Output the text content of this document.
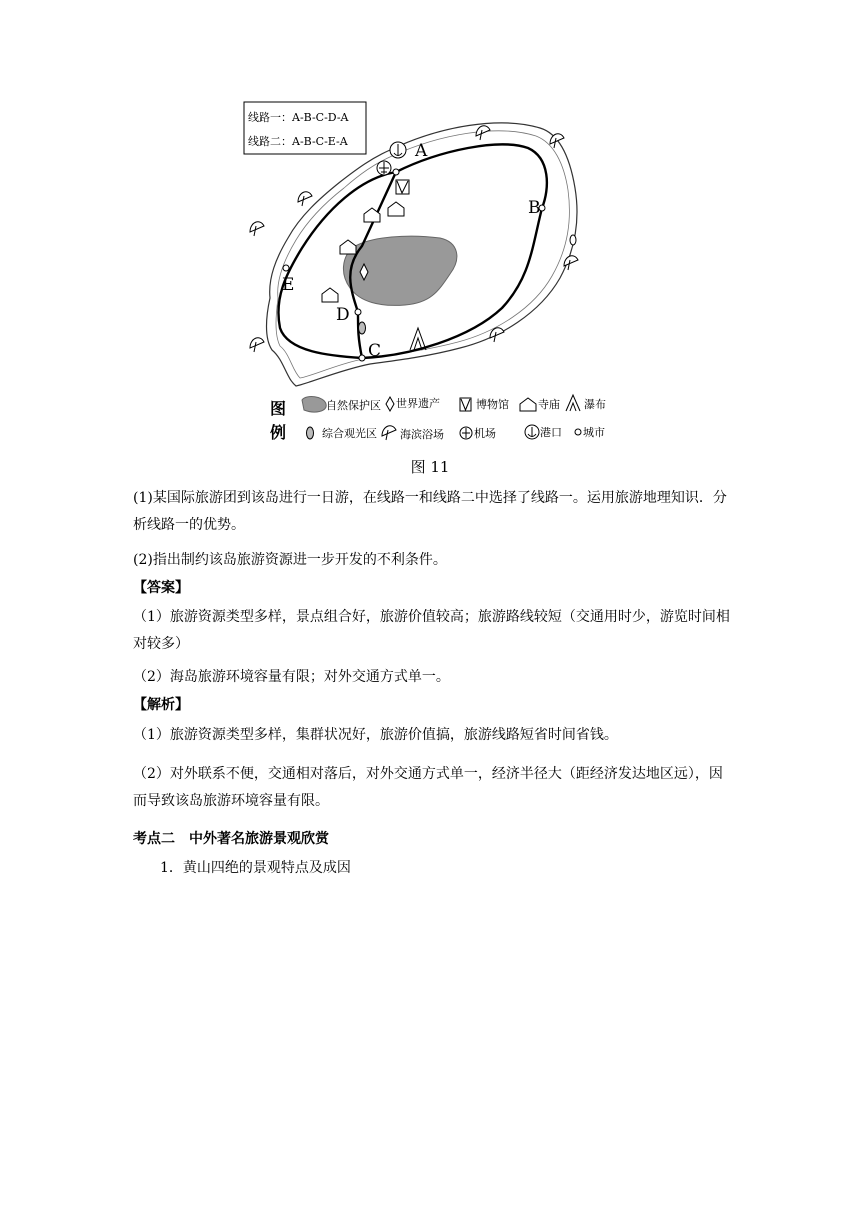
线路一：A-B-C-D-A
线路二：A-B-C-E-A	A
B
C
D
E
图
例
自然保护区 世界遗产	博物馆	寺庙 瀑布
综合观光区 海滨浴场	机场	港口 城市
图 11
(1)某国际旅游团到该岛进行一日游，在线路一和线路二中选择了线路一。运用旅游地理知识．分析线路一的优势。
(2)指出制约该岛旅游资源进一步开发的不利条件。
【答案】
（1）旅游资源类型多样，景点组合好，旅游价值较高；旅游路线较短（交通用时少，游览时间相对较多）
（2）海岛旅游环境容量有限；对外交通方式单一。
【解析】
（1）旅游资源类型多样，集群状况好，旅游价值搞，旅游线路短省时间省钱。
（2）对外联系不便，交通相对落后，对外交通方式单一，经济半径大（距经济发达地区远），因而导致该岛旅游环境容量有限。
考点二　中外著名旅游景观欣赏
1．黄山四绝的景观特点及成因
